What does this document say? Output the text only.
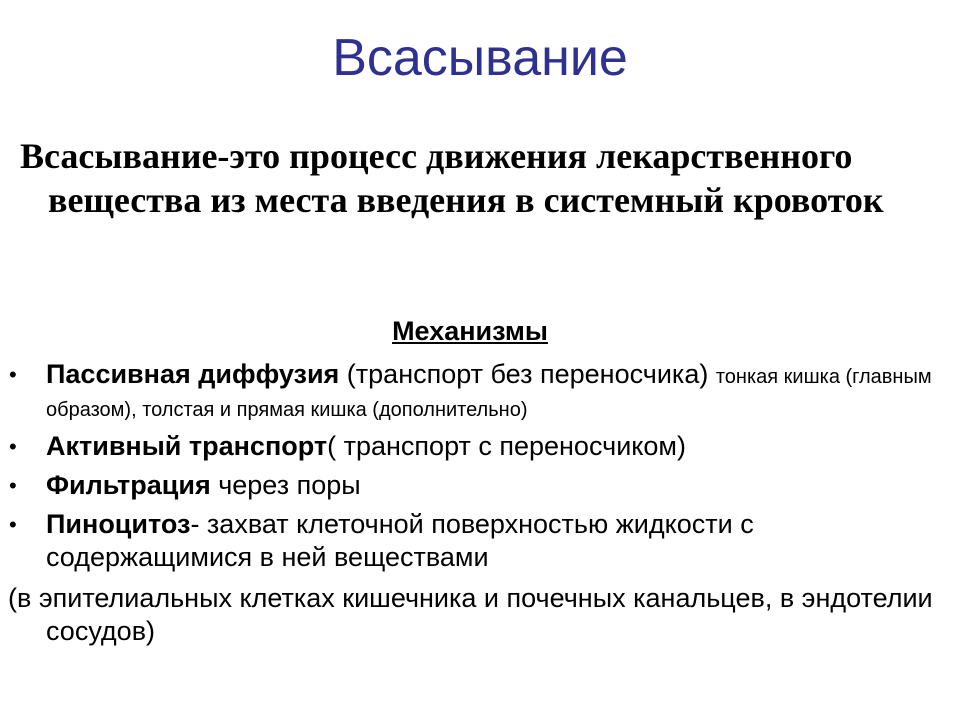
Всасывание

Всасывание-это процесс движения лекарственного вещества из места введения в системный кровоток

Механизмы

• Пассивная диффузия (транспорт без переносчика) тонкая кишка (главным образом), толстая и прямая кишка (дополнительно)
• Активный транспорт( транспорт с переносчиком)
• Фильтрация через поры
• Пиноцитоз- захват клеточной поверхностью жидкости с содержащимися в ней веществами

(в эпителиальных клетках кишечника и почечных канальцев, в эндотелии сосудов)
